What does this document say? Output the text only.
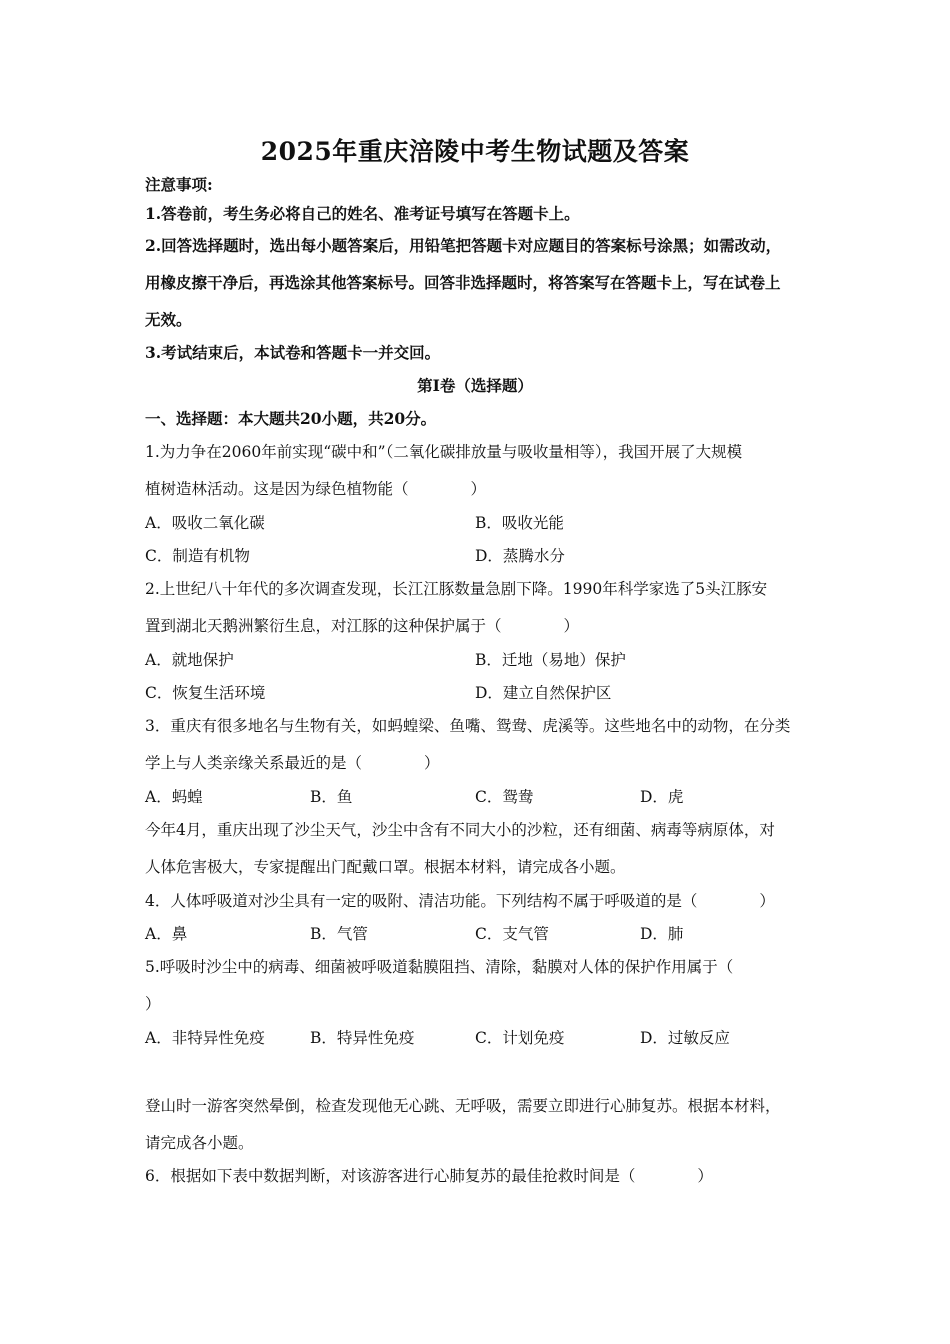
2025年重庆涪陵中考生物试题及答案
注意事项:
1.答卷前，考生务必将自己的姓名、准考证号填写在答题卡上。
2.回答选择题时，选出每小题答案后，用铅笔把答题卡对应题目的答案标号涂黑；如需改动，
用橡皮擦干净后，再选涂其他答案标号。回答非选择题时，将答案写在答题卡上，写在试卷上
无效。
3.考试结束后，本试卷和答题卡一并交回。
第I卷（选择题）
一、选择题：本大题共20小题，共20分。
1.为力争在2060年前实现“碳中和”（二氧化碳排放量与吸收量相等），我国开展了大规模
植树造林活动。这是因为绿色植物能（　　　　）
A．吸收二氧化碳	B．吸收光能
C．制造有机物	D．蒸腾水分
2.上世纪八十年代的多次调查发现，长江江豚数量急剧下降。1990年科学家选了5头江豚安
置到湖北天鹅洲繁衍生息，对江豚的这种保护属于（　　　　）
A．就地保护	B．迁地（易地）保护
C．恢复生活环境	D．建立自然保护区
3．重庆有很多地名与生物有关，如蚂蝗梁、鱼嘴、鸳鸯、虎溪等。这些地名中的动物，在分类
学上与人类亲缘关系最近的是（　　　　）
A．蚂蝗	B．鱼	C．鸳鸯	D．虎
今年4月，重庆出现了沙尘天气，沙尘中含有不同大小的沙粒，还有细菌、病毒等病原体，对
人体危害极大，专家提醒出门配戴口罩。根据本材料，请完成各小题。
4．人体呼吸道对沙尘具有一定的吸附、清洁功能。下列结构不属于呼吸道的是（　　　　）
A．鼻	B．气管	C．支气管	D．肺
5.呼吸时沙尘中的病毒、细菌被呼吸道黏膜阻挡、清除，黏膜对人体的保护作用属于（
）
A．非特异性免疫	B．特异性免疫	C．计划免疫	D．过敏反应
登山时一游客突然晕倒，检查发现他无心跳、无呼吸，需要立即进行心肺复苏。根据本材料，
请完成各小题。
6．根据如下表中数据判断，对该游客进行心肺复苏的最佳抢救时间是（　　　　）
